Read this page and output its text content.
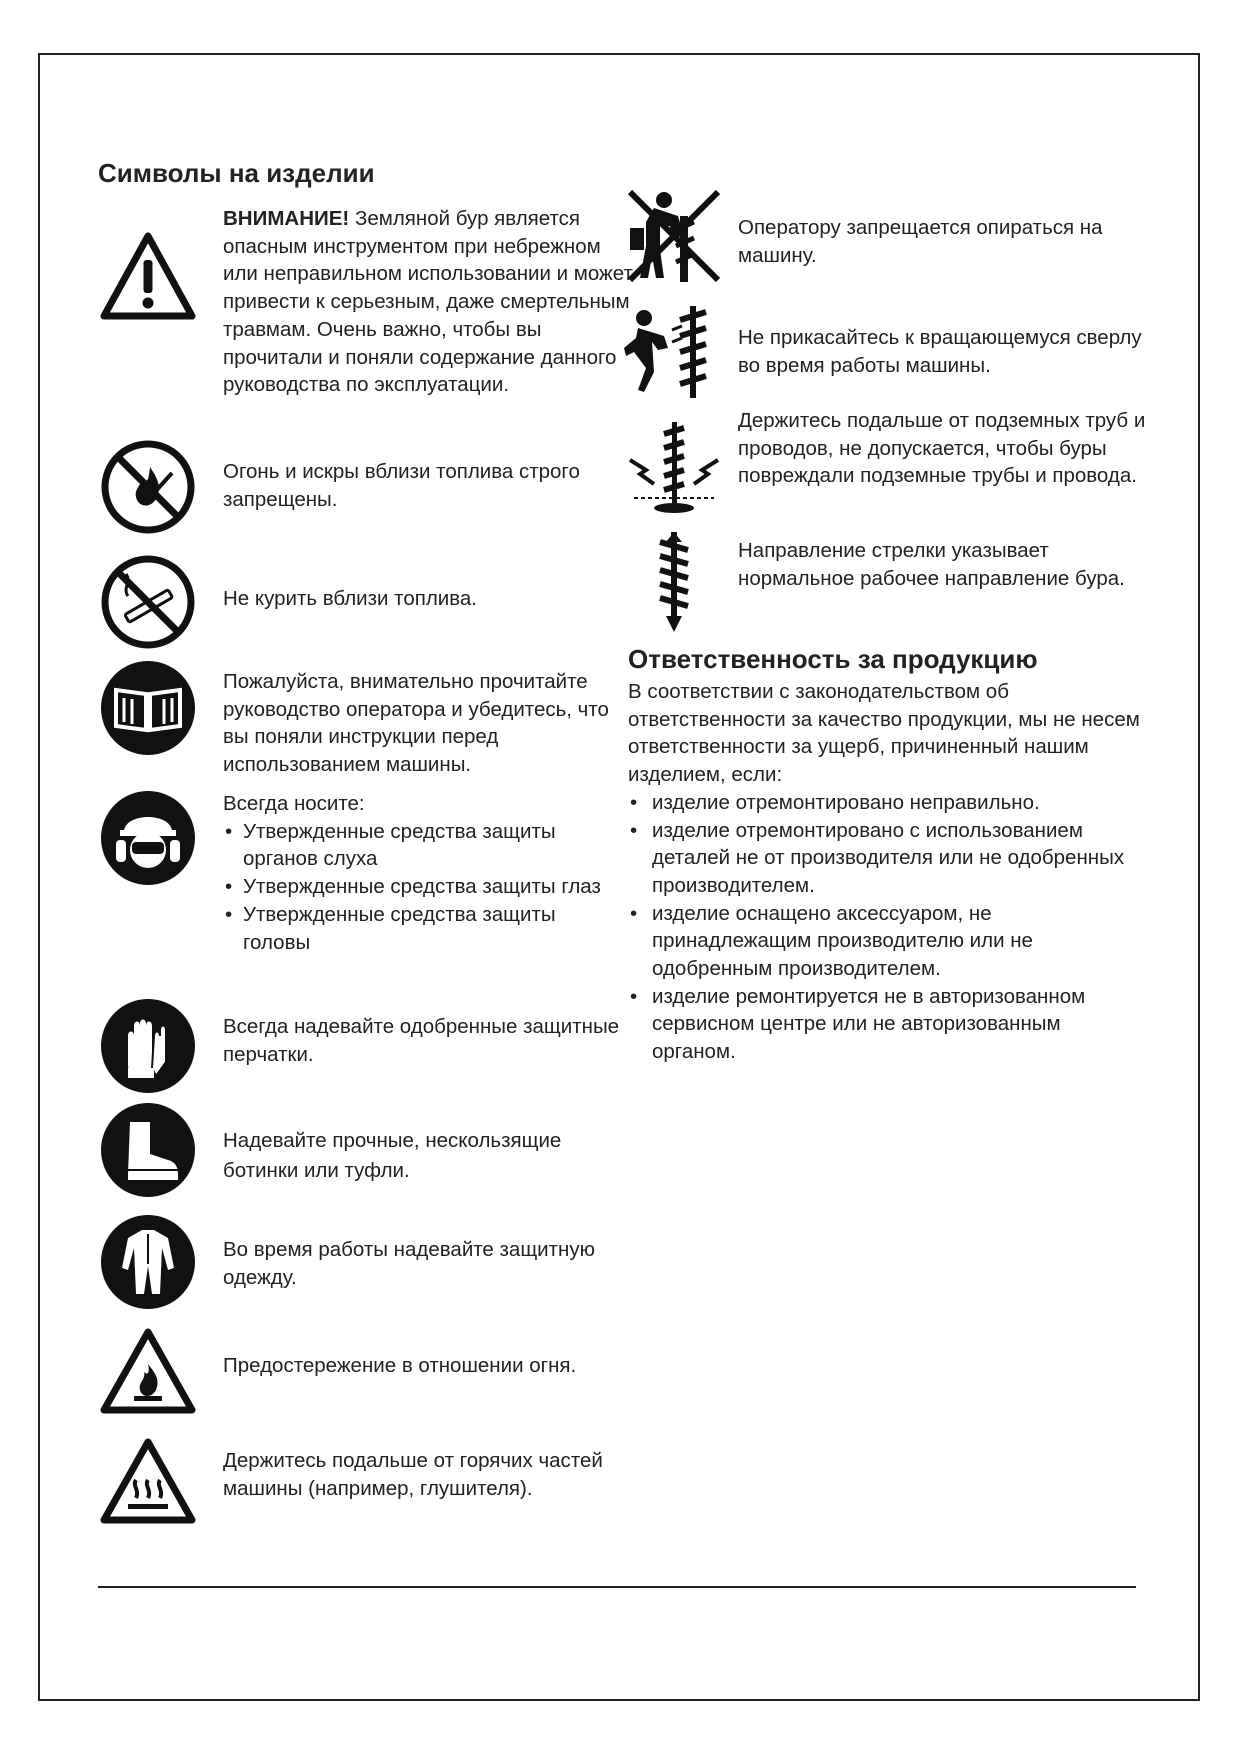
Символы на изделии

ВНИМАНИЕ! Земляной бур является опасным инструментом при небрежном или неправильном использовании и может привести к серьезным, даже смертельным травмам. Очень важно, чтобы вы прочитали и поняли содержание данного руководства по эксплуатации.

Огонь и искры вблизи топлива строго запрещены.

Не курить вблизи топлива.

Пожалуйста, внимательно прочитайте руководство оператора и убедитесь, что вы поняли инструкции перед использованием машины.

Всегда носите:
• Утвержденные средства защиты органов слуха
• Утвержденные средства защиты глаз
• Утвержденные средства защиты головы

Всегда надевайте одобренные защитные перчатки.

Надевайте прочные, нескользящие ботинки или туфли.

Во время работы надевайте защитную одежду.

Предостережение в отношении огня.

Держитесь подальше от горячих частей машины (например, глушителя).

Оператору запрещается опираться на машину.

Не прикасайтесь к вращающемуся сверлу во время работы машины.

Держитесь подальше от подземных труб и проводов, не допускается, чтобы буры повреждали подземные трубы и провода.

Направление стрелки указывает нормальное рабочее направление бура.

Ответственность за продукцию
В соответствии с законодательством об ответственности за качество продукции, мы не несем ответственности за ущерб, причиненный нашим изделием, если:
• изделие отремонтировано неправильно.
• изделие отремонтировано с использованием деталей не от производителя или не одобренных производителем.
• изделие оснащено аксессуаром, не принадлежащим производителю или не одобренным производителем.
• изделие ремонтируется не в авторизованном сервисном центре или не авторизованным органом.
